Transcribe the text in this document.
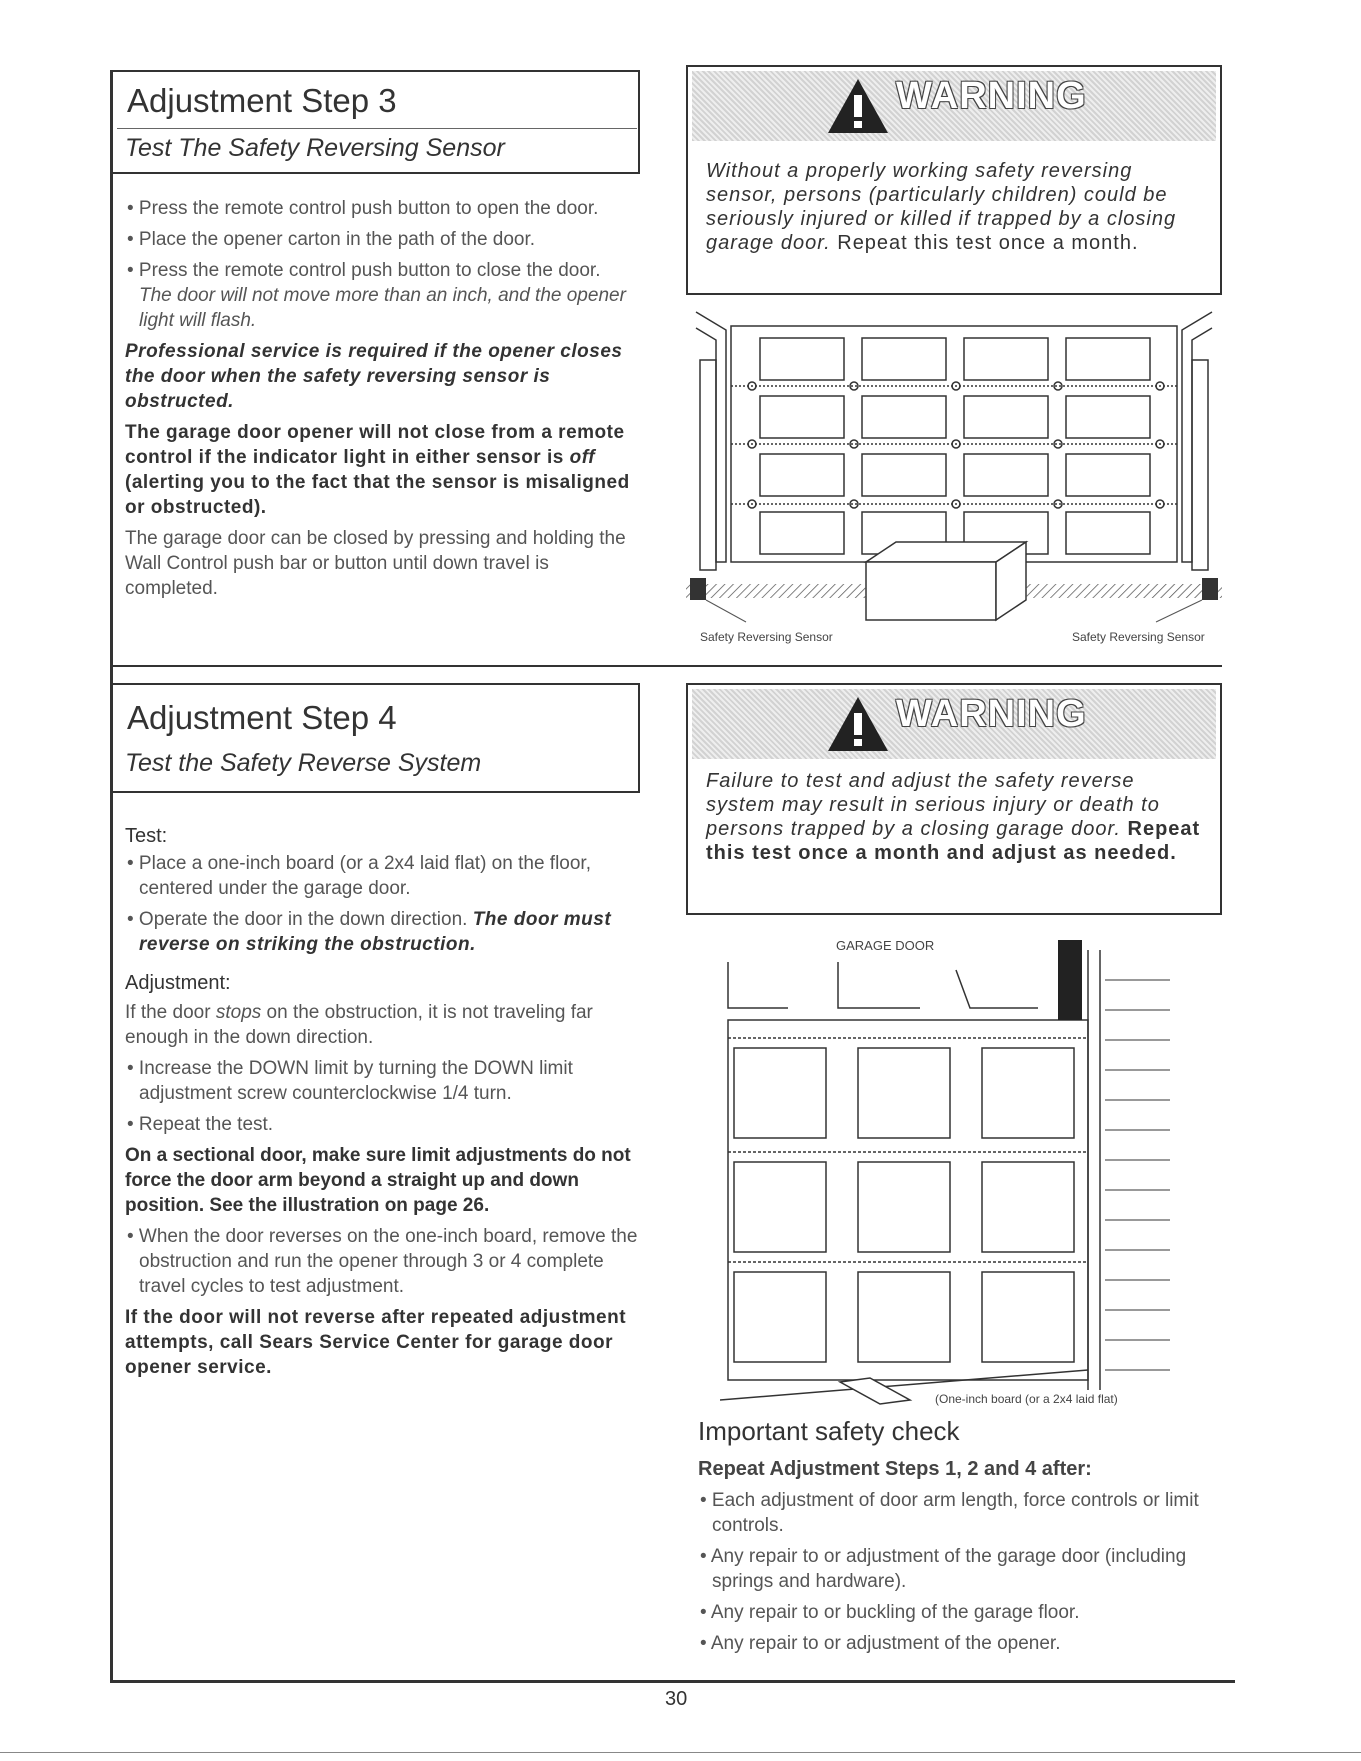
Adjustment Step 3
Test The Safety Reversing Sensor

• Press the remote control push button to open the door.

• Place the opener carton in the path of the door.

• Press the remote control push button to close the door. The door will not move more than an inch, and the opener light will flash.

Professional service is required if the opener closes the door when the safety reversing sensor is obstructed.

The garage door opener will not close from a remote control if the indicator light in either sensor is off (alerting you to the fact that the sensor is misaligned or obstructed).

The garage door can be closed by pressing and holding the Wall Control push bar or button until down travel is completed.

WARNING
Without a properly working safety reversing sensor, persons (particularly children) could be seriously injured or killed if trapped by a closing garage door. Repeat this test once a month.
Safety Reversing Sensor	Safety Reversing Sensor
Adjustment Step 4
Test the Safety Reverse System

Test:

• Place a one-inch board (or a 2x4 laid flat) on the floor, centered under the garage door.

• Operate the door in the down direction. The door must reverse on striking the obstruction.

Adjustment:

If the door stops on the obstruction, it is not traveling far enough in the down direction.

• Increase the DOWN limit by turning the DOWN limit adjustment screw counterclockwise 1/4 turn.

• Repeat the test.

On a sectional door, make sure limit adjustments do not force the door arm beyond a straight up and down position. See the illustration on page 26.

• When the door reverses on the one-inch board, remove the obstruction and run the opener through 3 or 4 complete travel cycles to test adjustment.

If the door will not reverse after repeated adjustment attempts, call Sears Service Center for garage door opener service.

WARNING
Failure to test and adjust the safety reverse system may result in serious injury or death to persons trapped by a closing garage door. Repeat this test once a month and adjust as needed.
GARAGE DOOR
(One-inch board (or a 2x4 laid flat)
Important safety check
Repeat Adjustment Steps 1, 2 and 4 after:

• Each adjustment of door arm length, force controls or limit controls.

• Any repair to or adjustment of the garage door (including springs and hardware).

• Any repair to or buckling of the garage floor.

• Any repair to or adjustment of the opener.

30
